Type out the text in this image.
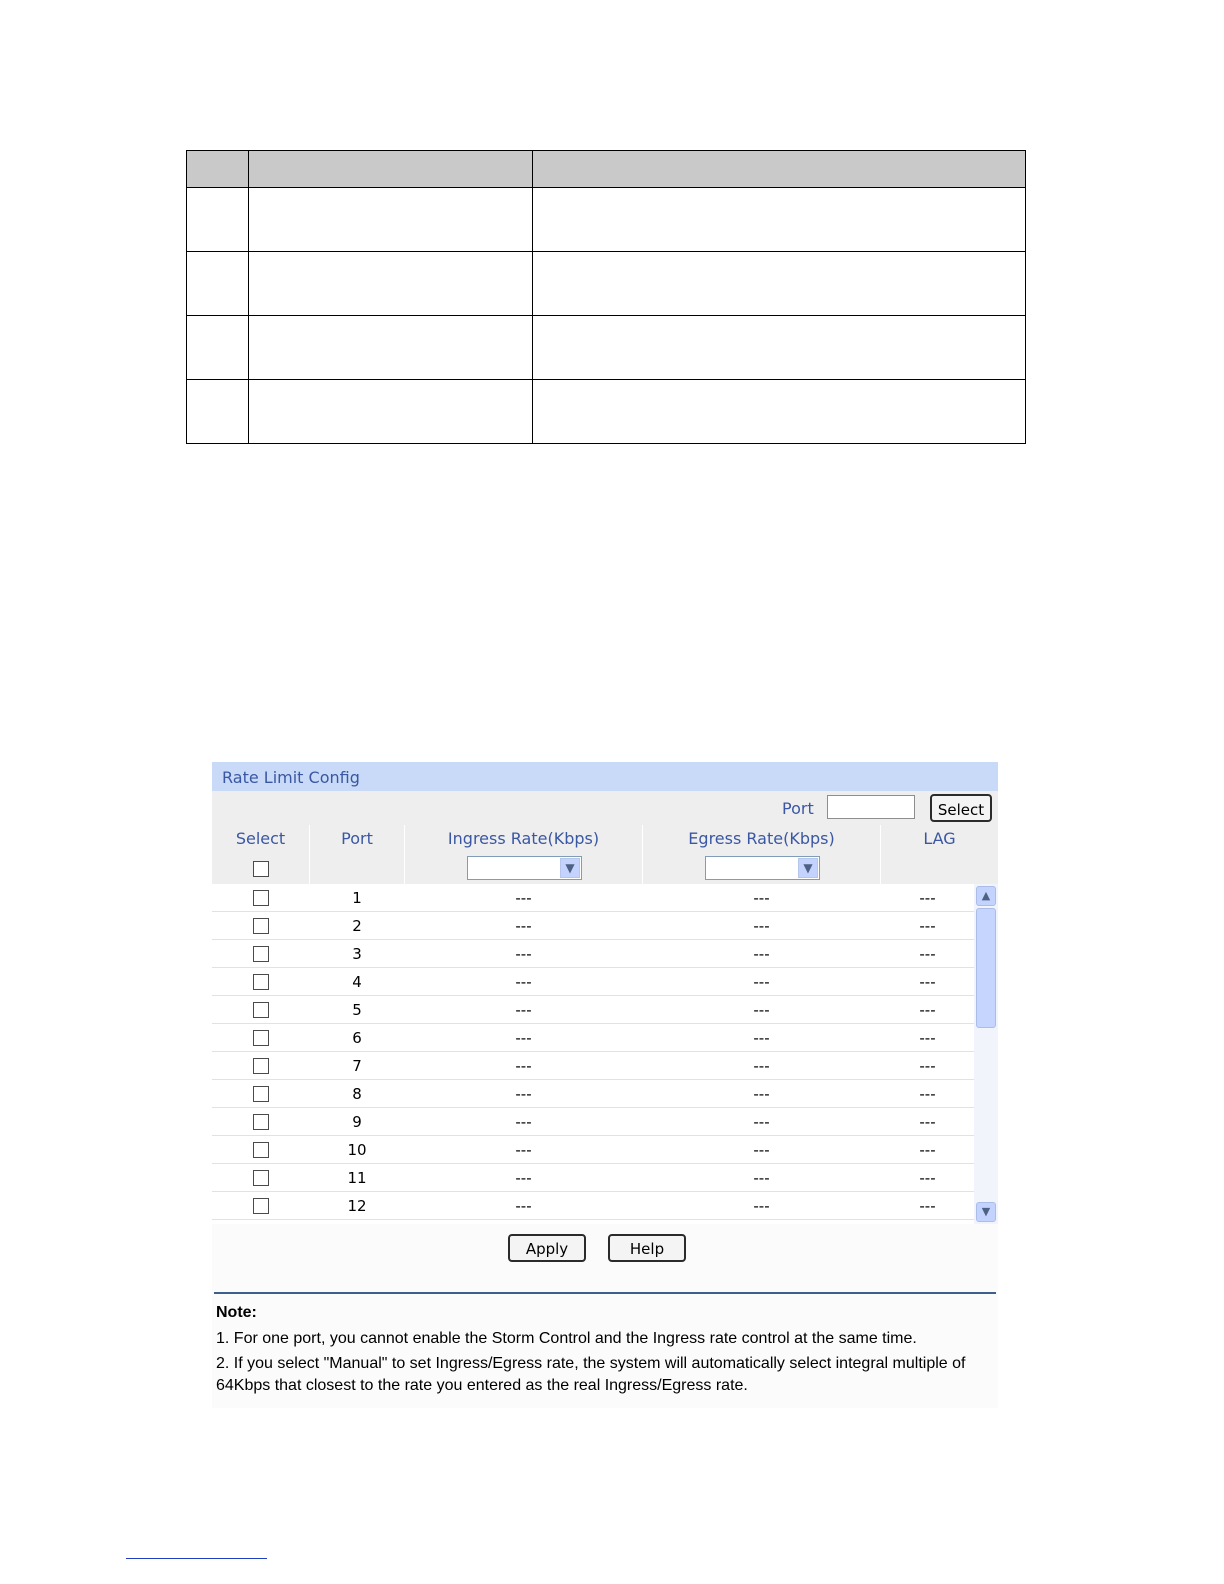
Rate Limit Config
Port	Select
Select	Port	Ingress Rate(Kbps)	Egress Rate(Kbps)	LAG
▼	▼
1	---	---	---
2	---	---	---
3	---	---	---
4	---	---	---
5	---	---	---
6	---	---	---
7	---	---	---
8	---	---	---
9	---	---	---
10	---	---	---
11	---	---	---
12	---	---	---
▲
▼
Apply	Help
Note:

1. For one port, you cannot enable the Storm Control and the Ingress rate control at the same time.

2. If you select "Manual" to set Ingress/Egress rate, the system will automatically select integral multiple of 64Kbps that closest to the rate you entered as the real Ingress/Egress rate.
